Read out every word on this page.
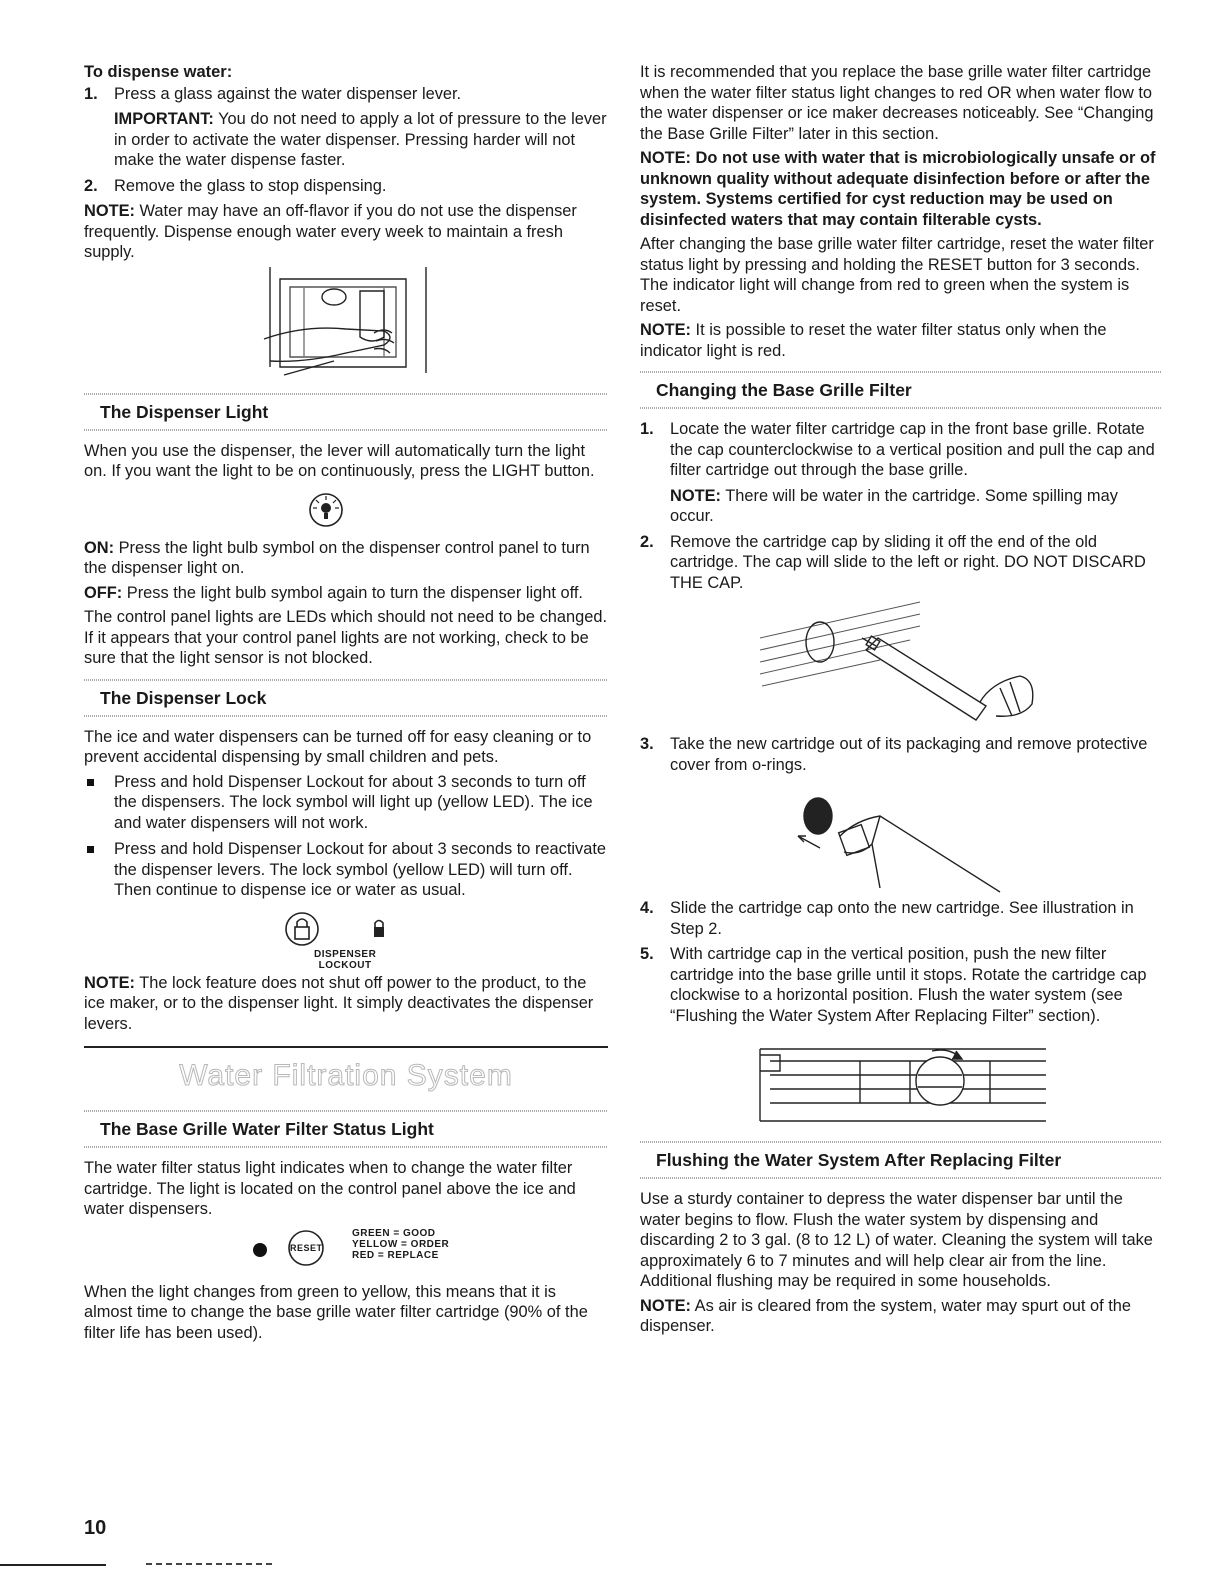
To dispense water:

1. Press a glass against the water dispenser lever.

IMPORTANT: You do not need to apply a lot of pressure to the lever in order to activate the water dispenser. Pressing harder will not make the water dispense faster.

2. Remove the glass to stop dispensing.

NOTE: Water may have an off-flavor if you do not use the dispenser frequently. Dispense enough water every week to maintain a fresh supply.

The Dispenser Light

When you use the dispenser, the lever will automatically turn the light on. If you want the light to be on continuously, press the LIGHT button.

ON: Press the light bulb symbol on the dispenser control panel to turn the dispenser light on.

OFF: Press the light bulb symbol again to turn the dispenser light off.

The control panel lights are LEDs which should not need to be changed. If it appears that your control panel lights are not working, check to be sure that the light sensor is not blocked.

The Dispenser Lock

The ice and water dispensers can be turned off for easy cleaning or to prevent accidental dispensing by small children and pets.

Press and hold Dispenser Lockout for about 3 seconds to turn off the dispensers. The lock symbol will light up (yellow LED). The ice and water dispensers will not work.
Press and hold Dispenser Lockout for about 3 seconds to reactivate the dispenser levers. The lock symbol (yellow LED) will turn off. Then continue to dispense ice or water as usual.
DISPENSER
LOCKOUT

NOTE: The lock feature does not shut off power to the product, to the ice maker, or to the dispenser light. It simply deactivates the dispenser levers.

Water Filtration System
The Base Grille Water Filter Status Light

The water filter status light indicates when to change the water filter cartridge. The light is located on the control panel above the ice and water dispensers.

RESET
GREEN = GOOD
YELLOW = ORDER
RED = REPLACE

When the light changes from green to yellow, this means that it is almost time to change the base grille water filter cartridge (90% of the filter life has been used).

It is recommended that you replace the base grille water filter cartridge when the water filter status light changes to red OR when water flow to the water dispenser or ice maker decreases noticeably. See “Changing the Base Grille Filter” later in this section.

NOTE: Do not use with water that is microbiologically unsafe or of unknown quality without adequate disinfection before or after the system. Systems certified for cyst reduction may be used on disinfected waters that may contain filterable cysts.

After changing the base grille water filter cartridge, reset the water filter status light by pressing and holding the RESET button for 3 seconds. The indicator light will change from red to green when the system is reset.

NOTE: It is possible to reset the water filter status only when the indicator light is red.

Changing the Base Grille Filter
1. Locate the water filter cartridge cap in the front base grille. Rotate the cap counterclockwise to a vertical position and pull the cap and filter cartridge out through the base grille.

NOTE: There will be water in the cartridge. Some spilling may occur.

2. Remove the cartridge cap by sliding it off the end of the old cartridge. The cap will slide to the left or right. DO NOT DISCARD THE CAP.
3. Take the new cartridge out of its packaging and remove protective cover from o-rings.
4. Slide the cartridge cap onto the new cartridge. See illustration in Step 2.
5. With cartridge cap in the vertical position, push the new filter cartridge into the base grille until it stops. Rotate the cartridge cap clockwise to a horizontal position. Flush the water system (see “Flushing the Water System After Replacing Filter” section).
Flushing the Water System After Replacing Filter

Use a sturdy container to depress the water dispenser bar until the water begins to flow. Flush the water system by dispensing and discarding 2 to 3 gal. (8 to 12 L) of water. Cleaning the system will take approximately 6 to 7 minutes and will help clear air from the line. Additional flushing may be required in some households.

NOTE: As air is cleared from the system, water may spurt out of the dispenser.

10
